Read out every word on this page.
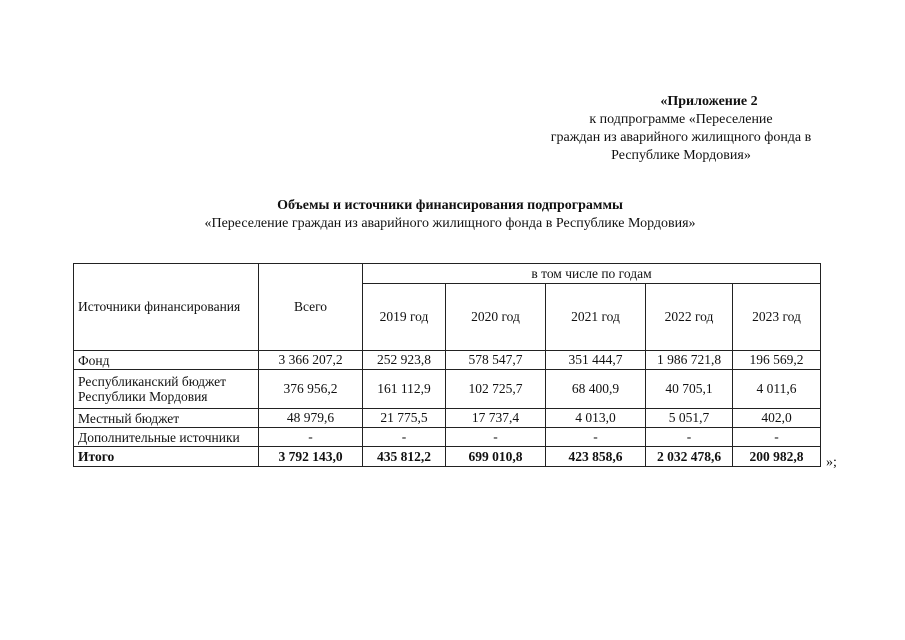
«Приложение 2
к подпрограмме «Переселение
граждан из аварийного жилищного фонда в
Республике Мордовия»
Объемы и источники финансирования подпрограммы
«Переселение граждан из аварийного жилищного фонда в Республике Мордовия»
Источники финансирования	Всего	в том числе по годам				
		2019 год	2020 год	2021 год	2022 год	2023 год
Фонд	3 366 207,2	252 923,8	578 547,7	351 444,7	1 986 721,8	196 569,2
Республиканский бюджет Республики Мордовия	376 956,2	161 112,9	102 725,7	68 400,9	40 705,1	4 011,6
Местный бюджет	48 979,6	21 775,5	17 737,4	4 013,0	5 051,7	402,0
Дополнительные источники	-	-	-	-	-	-
Итого	3 792 143,0	435 812,2	699 010,8	423 858,6	2 032 478,6	200 982,8 »;
